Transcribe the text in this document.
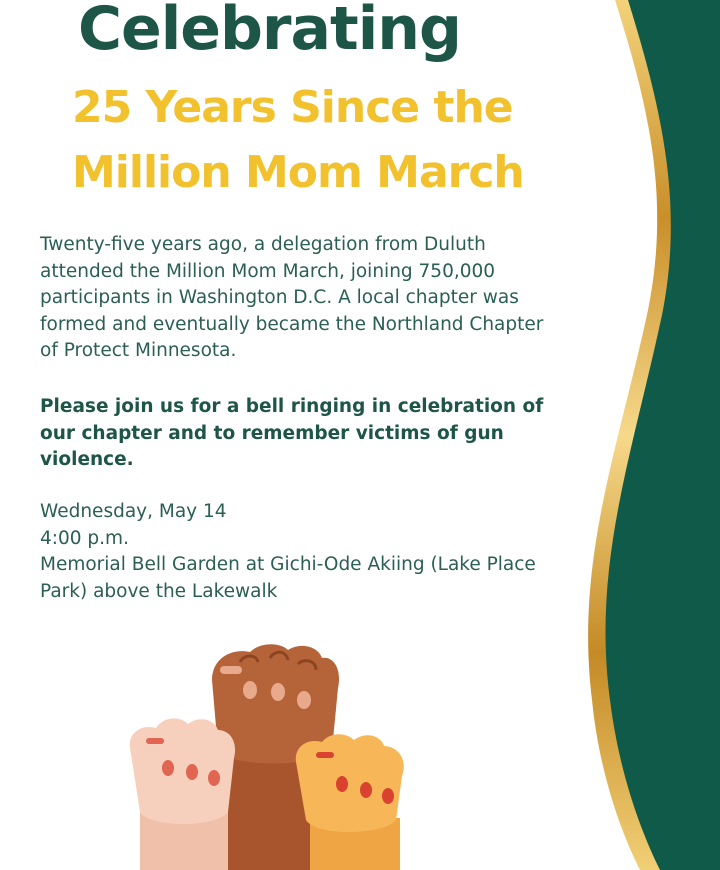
Celebrating
25 Years Since the
Million Mom March

Twenty-five years ago, a delegation from Duluth attended the Million Mom March, joining 750,000 participants in Washington D.C. A local chapter was formed and eventually became the Northland Chapter of Protect Minnesota.

Please join us for a bell ringing in celebration of our chapter and to remember victims of gun violence.

Wednesday, May 14
4:00 p.m.
Memorial Bell Garden at Gichi-Ode Akiing (Lake Place Park) above the Lakewalk
